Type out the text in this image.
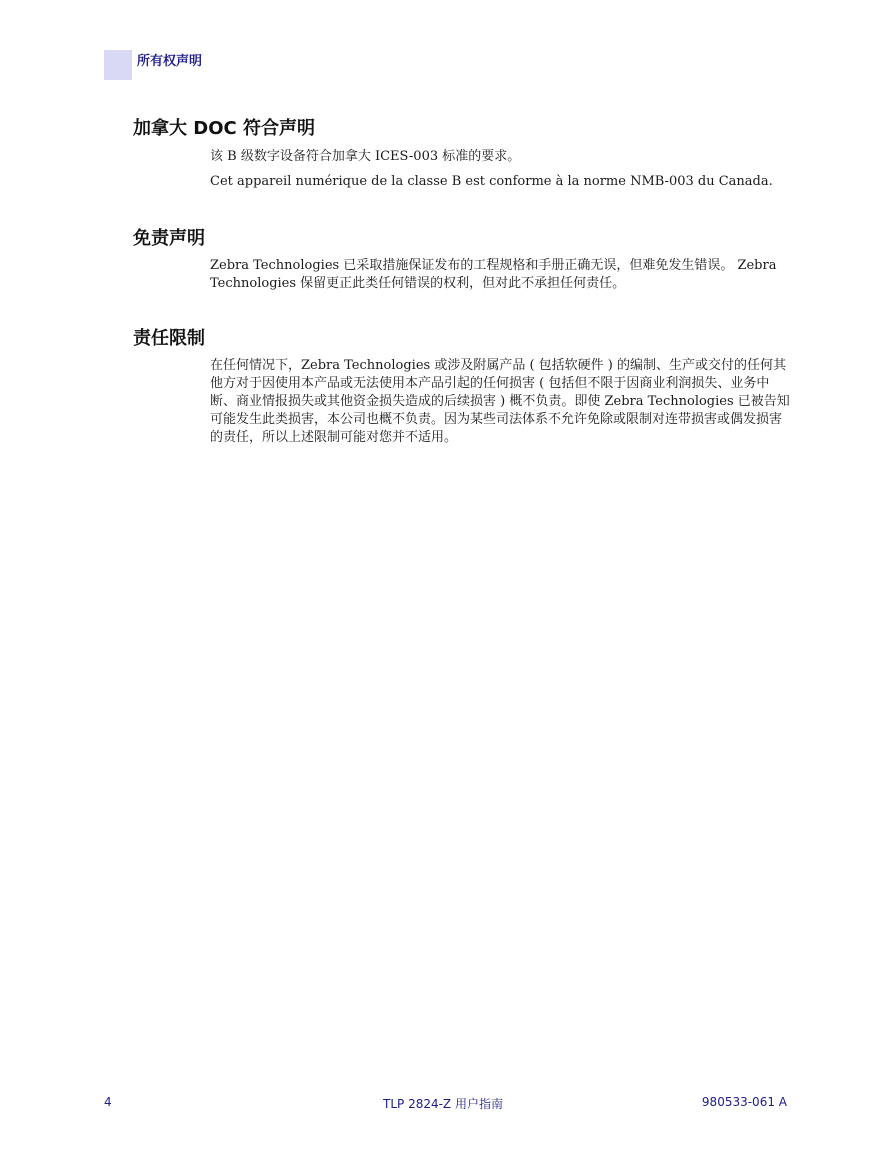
所有权声明
加拿大 DOC 符合声明

该 B 级数字设备符合加拿大 ICES-003 标准的要求。

Cet appareil numérique de la classe B est conforme à la norme NMB-003 du Canada.

免责声明

Zebra Technologies 已采取措施保证发布的工程规格和手册正确无误，但难免发生错误。 Zebra Technologies 保留更正此类任何错误的权利，但对此不承担任何责任。

责任限制

在任何情况下，Zebra Technologies 或涉及附属产品 ( 包括软硬件 ) 的编制、生产或交付的任何其他方对于因使用本产品或无法使用本产品引起的任何损害 ( 包括但不限于因商业利润损失、业务中断、商业情报损失或其他资金损失造成的后续损害 ) 概不负责。即使 Zebra Technologies 已被告知可能发生此类损害，本公司也概不负责。因为某些司法体系不允许免除或限制对连带损害或偶发损害的责任，所以上述限制可能对您并不适用。

4	TLP 2824-Z 用户指南	980533-061 A
